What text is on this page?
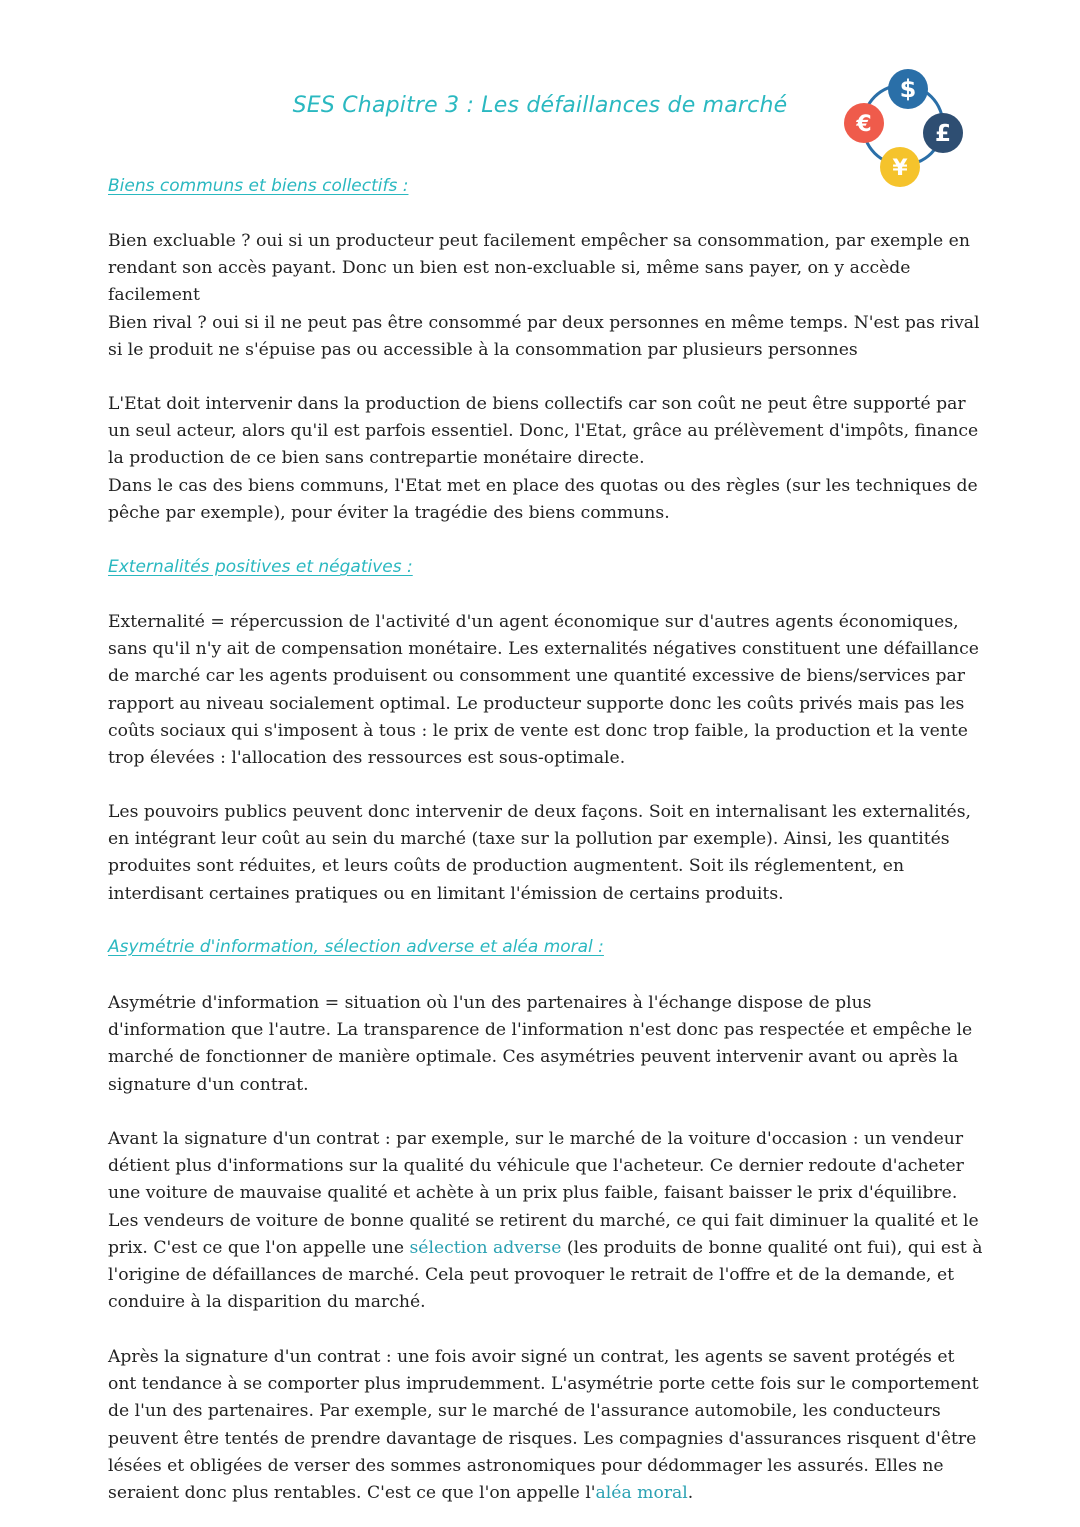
SES Chapitre 3 : Les défaillances de marché
$
£
¥
€
Biens communs et biens collectifs :

Bien excluable ? oui si un producteur peut facilement empêcher sa consommation, par exemple en rendant son accès payant. Donc un bien est non-excluable si, même sans payer, on y accède facilement
Bien rival ? oui si il ne peut pas être consommé par deux personnes en même temps. N'est pas rival si le produit ne s'épuise pas ou accessible à la consommation par plusieurs personnes

L'Etat doit intervenir dans la production de biens collectifs car son coût ne peut être supporté par un seul acteur, alors qu'il est parfois essentiel. Donc, l'Etat, grâce au prélèvement d'impôts, finance la production de ce bien sans contrepartie monétaire directe.
Dans le cas des biens communs, l'Etat met en place des quotas ou des règles (sur les techniques de pêche par exemple), pour éviter la tragédie des biens communs.

Externalités positives et négatives :

Externalité = répercussion de l'activité d'un agent économique sur d'autres agents économiques, sans qu'il n'y ait de compensation monétaire. Les externalités négatives constituent une défaillance de marché car les agents produisent ou consomment une quantité excessive de biens/services par rapport au niveau socialement optimal. Le producteur supporte donc les coûts privés mais pas les coûts sociaux qui s'imposent à tous : le prix de vente est donc trop faible, la production et la vente trop élevées : l'allocation des ressources est sous-optimale.

Les pouvoirs publics peuvent donc intervenir de deux façons. Soit en internalisant les externalités, en intégrant leur coût au sein du marché (taxe sur la pollution par exemple). Ainsi, les quantités produites sont réduites, et leurs coûts de production augmentent. Soit ils réglementent, en interdisant certaines pratiques ou en limitant l'émission de certains produits.

Asymétrie d'information, sélection adverse et aléa moral :

Asymétrie d'information = situation où l'un des partenaires à l'échange dispose de plus d'information que l'autre. La transparence de l'information n'est donc pas respectée et empêche le marché de fonctionner de manière optimale. Ces asymétries peuvent intervenir avant ou après la signature d'un contrat.

Avant la signature d'un contrat : par exemple, sur le marché de la voiture d'occasion : un vendeur détient plus d'informations sur la qualité du véhicule que l'acheteur. Ce dernier redoute d'acheter une voiture de mauvaise qualité et achète à un prix plus faible, faisant baisser le prix d'équilibre. Les vendeurs de voiture de bonne qualité se retirent du marché, ce qui fait diminuer la qualité et le prix. C'est ce que l'on appelle une sélection adverse (les produits de bonne qualité ont fui), qui est à l'origine de défaillances de marché. Cela peut provoquer le retrait de l'offre et de la demande, et conduire à la disparition du marché.

Après la signature d'un contrat : une fois avoir signé un contrat, les agents se savent protégés et ont tendance à se comporter plus imprudemment. L'asymétrie porte cette fois sur le comportement de l'un des partenaires. Par exemple, sur le marché de l'assurance automobile, les conducteurs peuvent être tentés de prendre davantage de risques. Les compagnies d'assurances risquent d'être lésées et obligées de verser des sommes astronomiques pour dédommager les assurés. Elles ne seraient donc plus rentables. C'est ce que l'on appelle l'aléa moral.
